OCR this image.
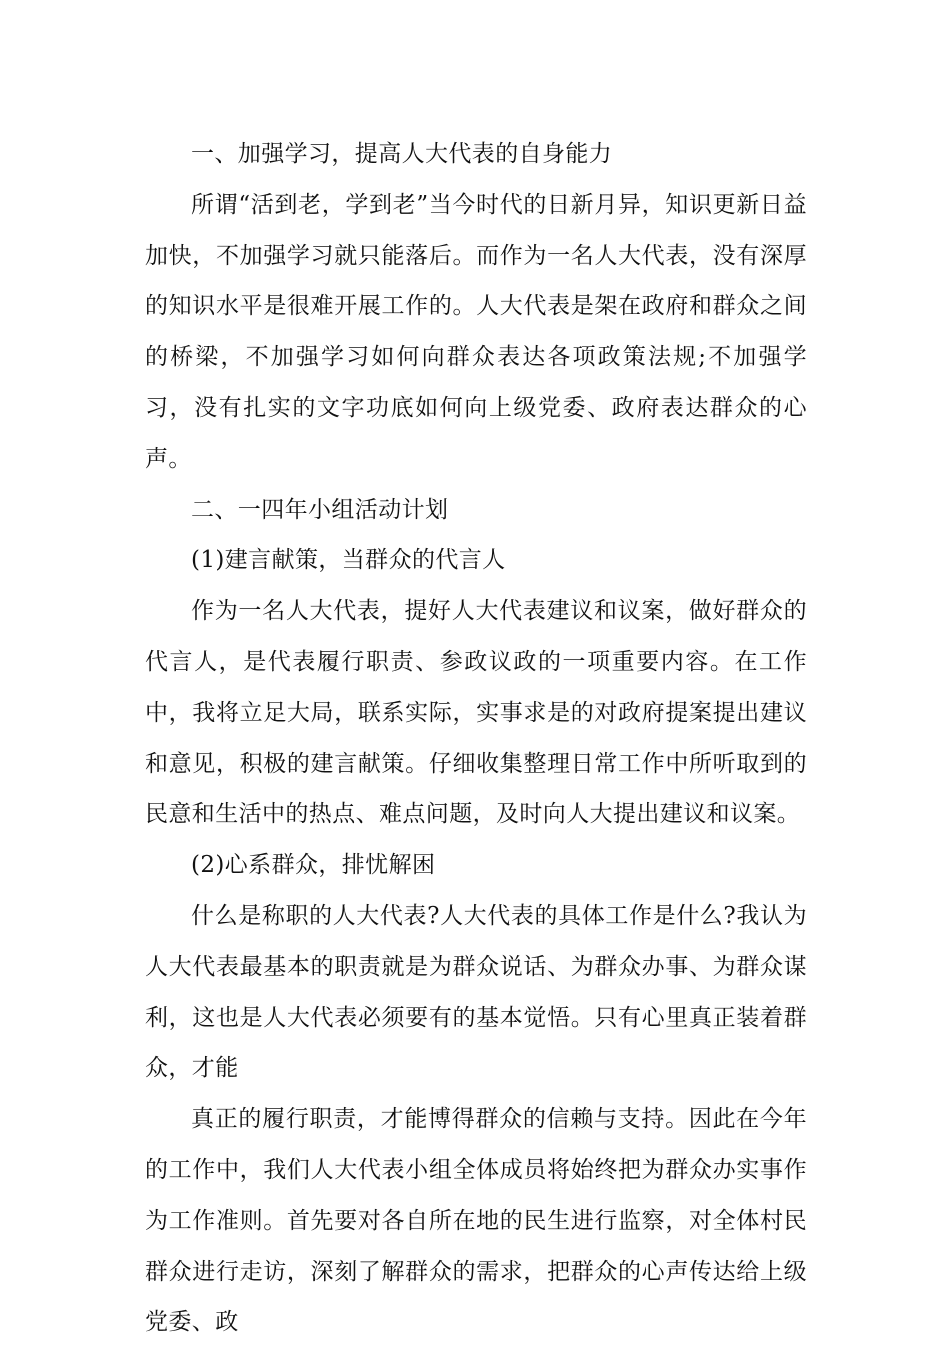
一、加强学习，提高人大代表的自身能力

所谓“活到老，学到老”当今时代的日新月异，知识更新日益加快，不加强学习就只能落后。而作为一名人大代表，没有深厚的知识水平是很难开展工作的。人大代表是架在政府和群众之间的桥梁，不加强学习如何向群众表达各项政策法规;不加强学习，没有扎实的文字功底如何向上级党委、政府表达群众的心声。

二、一四年小组活动计划

(1)建言献策，当群众的代言人

作为一名人大代表，提好人大代表建议和议案，做好群众的代言人，是代表履行职责、参政议政的一项重要内容。在工作中，我将立足大局，联系实际，实事求是的对政府提案提出建议和意见，积极的建言献策。仔细收集整理日常工作中所听取到的民意和生活中的热点、难点问题，及时向人大提出建议和议案。

(2)心系群众，排忧解困

什么是称职的人大代表?人大代表的具体工作是什么?我认为人大代表最基本的职责就是为群众说话、为群众办事、为群众谋利，这也是人大代表必须要有的基本觉悟。只有心里真正装着群众，才能

真正的履行职责，才能博得群众的信赖与支持。因此在今年的工作中，我们人大代表小组全体成员将始终把为群众办实事作为工作准则。首先要对各自所在地的民生进行监察，对全体村民群众进行走访，深刻了解群众的需求，把群众的心声传达给上级党委、政
